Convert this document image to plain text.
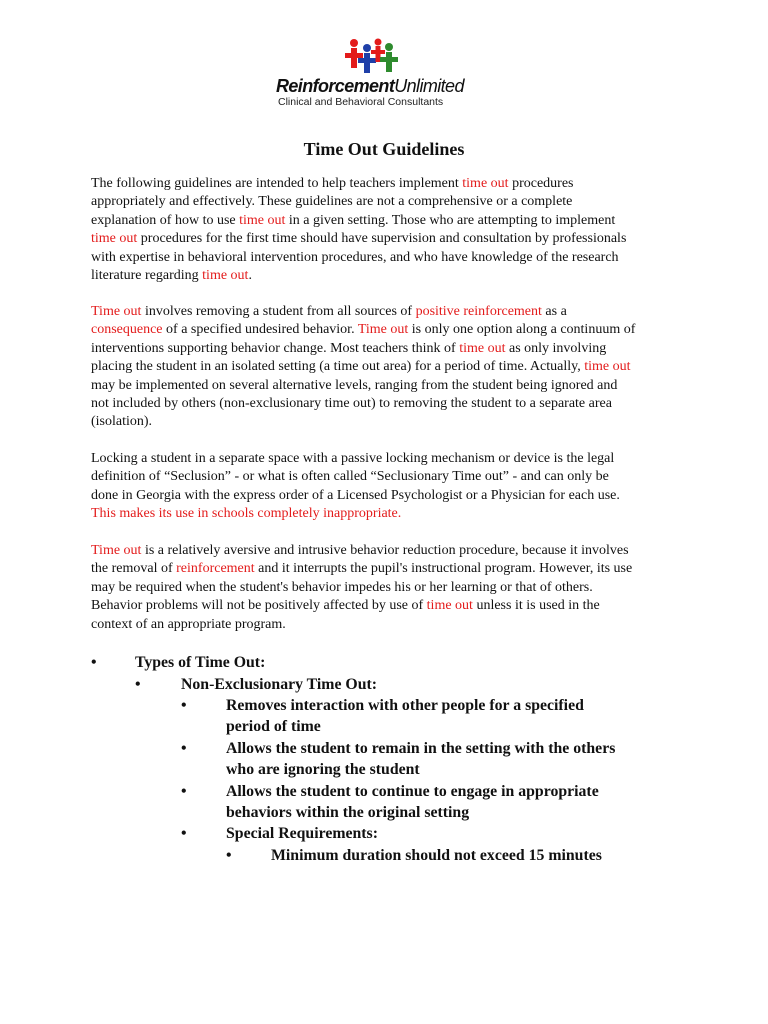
ReinforcementUnlimited
Clinical and Behavioral Consultants
Time Out Guidelines
The following guidelines are intended to help teachers implement time out procedures
appropriately and effectively. These guidelines are not a comprehensive or a complete
explanation of how to use time out in a given setting. Those who are attempting to implement
time out procedures for the first time should have supervision and consultation by professionals
with expertise in behavioral intervention procedures, and who have knowledge of the research
literature regarding time out.
Time out involves removing a student from all sources of positive reinforcement as a
consequence of a specified undesired behavior. Time out is only one option along a continuum of
interventions supporting behavior change. Most teachers think of time out as only involving
placing the student in an isolated setting (a time out area) for a period of time. Actually, time out
may be implemented on several alternative levels, ranging from the student being ignored and
not included by others (non-exclusionary time out) to removing the student to a separate area
(isolation).
Locking a student in a separate space with a passive locking mechanism or device is the legal
definition of “Seclusion” - or what is often called “Seclusionary Time out” - and can only be
done in Georgia with the express order of a Licensed Psychologist or a Physician for each use.
This makes its use in schools completely inappropriate.
Time out is a relatively aversive and intrusive behavior reduction procedure, because it involves
the removal of reinforcement and it interrupts the pupil's instructional program. However, its use
may be required when the student's behavior impedes his or her learning or that of others.
Behavior problems will not be positively affected by use of time out unless it is used in the
context of an appropriate program.
• Types of Time Out:

•	Non-Exclusionary Time Out:

• Removes interaction with other people for a specified
period of time

• Allows the student to remain in the setting with the others
who are ignoring the student

• Allows the student to continue to engage in appropriate
behaviors within the original setting

• Special Requirements:

• Minimum duration should not exceed 15 minutes
